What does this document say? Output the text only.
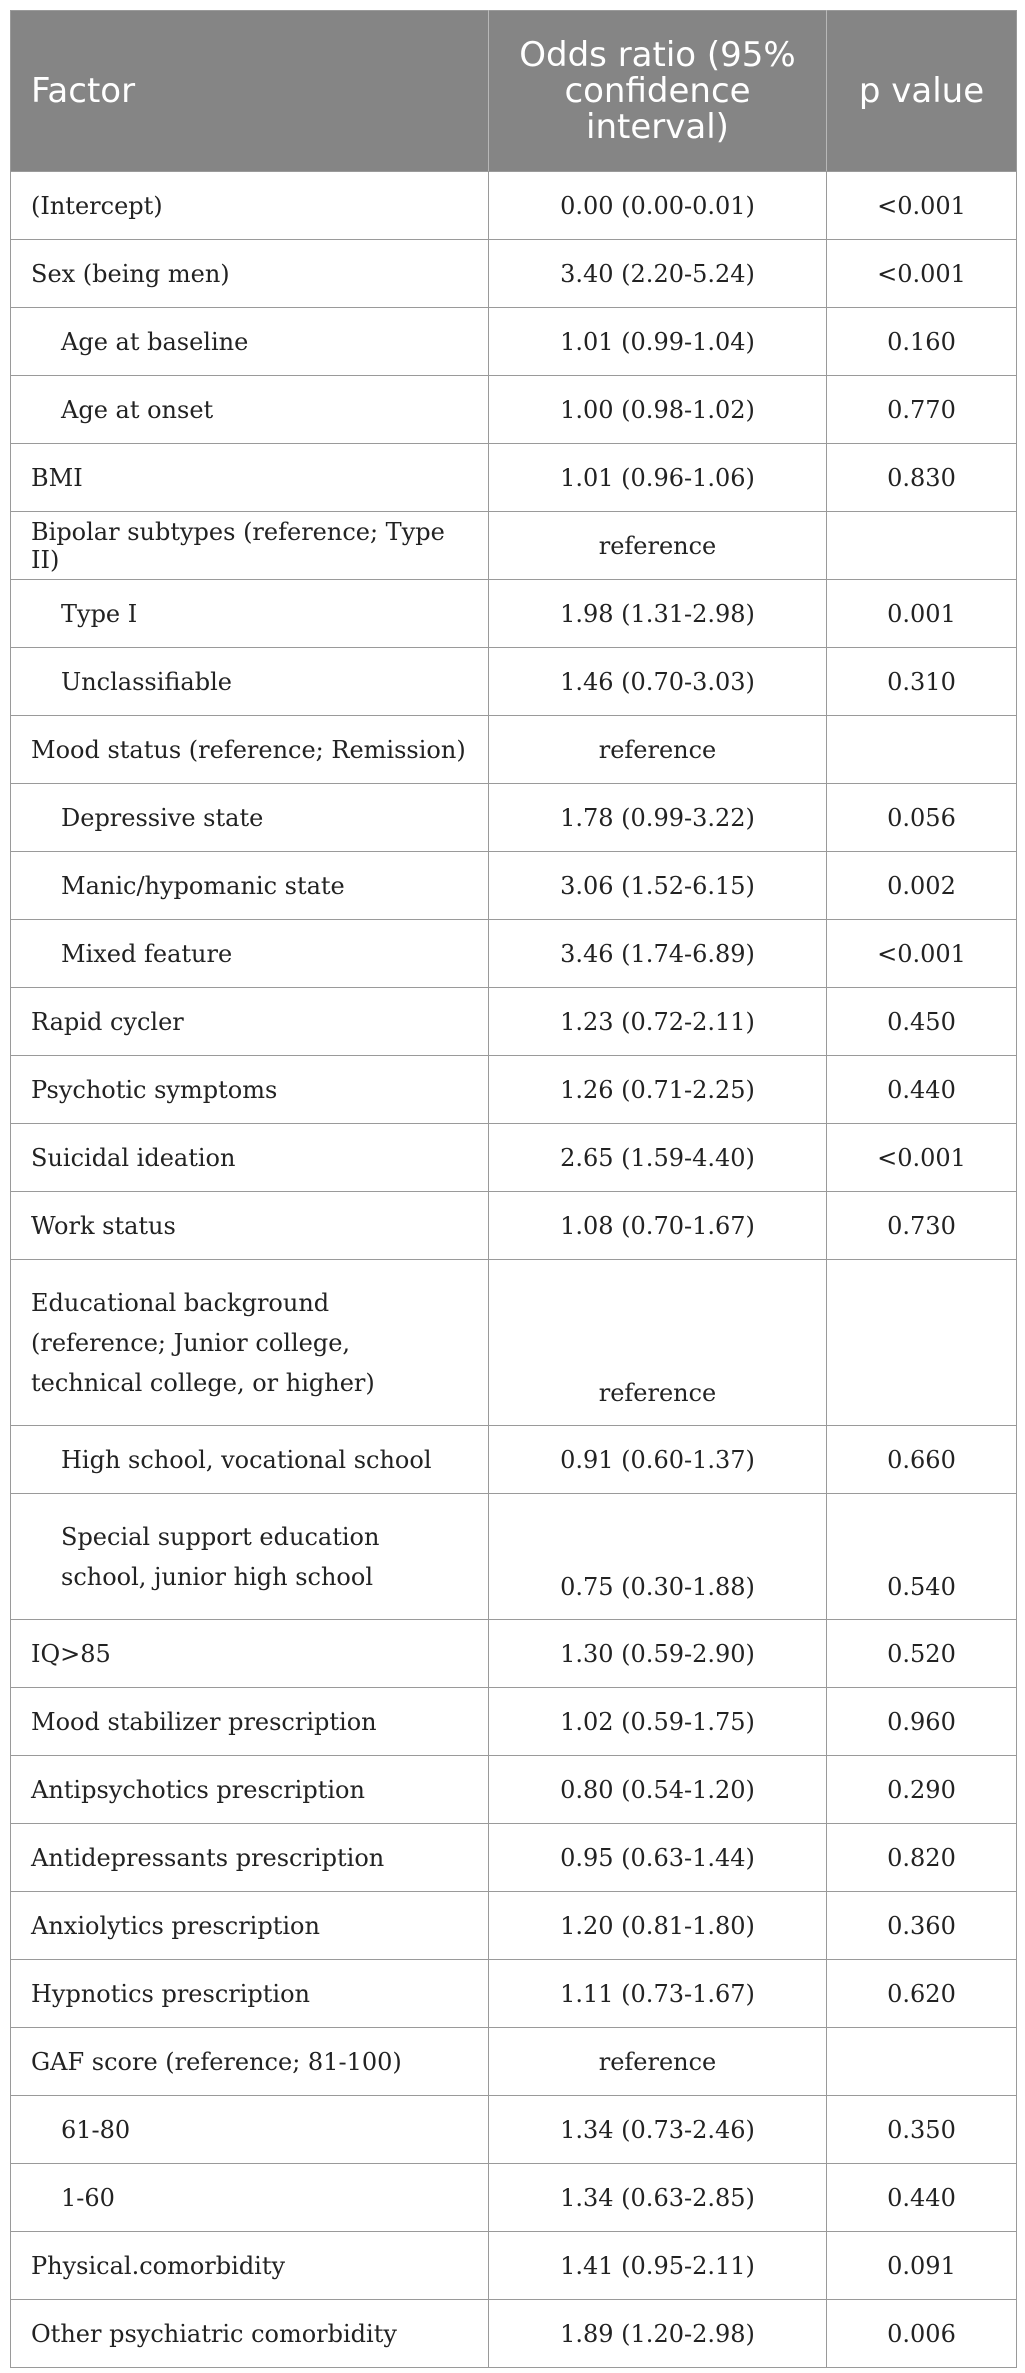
Factor	Odds ratio (95% confidence interval)	p value
(Intercept)	0.00 (0.00-0.01)	<0.001
Sex (being men)	3.40 (2.20-5.24)	<0.001
Age at baseline	1.01 (0.99-1.04)	0.160
Age at onset	1.00 (0.98-1.02)	0.770
BMI	1.01 (0.96-1.06)	0.830
Bipolar subtypes (reference; Type II)	reference	
Type I	1.98 (1.31-2.98)	0.001
Unclassifiable	1.46 (0.70-3.03)	0.310
Mood status (reference; Remission)	reference	
Depressive state	1.78 (0.99-3.22)	0.056
Manic/hypomanic state	3.06 (1.52-6.15)	0.002
Mixed feature	3.46 (1.74-6.89)	<0.001
Rapid cycler	1.23 (0.72-2.11)	0.450
Psychotic symptoms	1.26 (0.71-2.25)	0.440
Suicidal ideation	2.65 (1.59-4.40)	<0.001
Work status	1.08 (0.70-1.67)	0.730
Educational background (reference; Junior college, technical college, or higher)	reference	
High school, vocational school	0.91 (0.60-1.37)	0.660
Special support education school, junior high school	0.75 (0.30-1.88)	0.540
IQ>85	1.30 (0.59-2.90)	0.520
Mood stabilizer prescription	1.02 (0.59-1.75)	0.960
Antipsychotics prescription	0.80 (0.54-1.20)	0.290
Antidepressants prescription	0.95 (0.63-1.44)	0.820
Anxiolytics prescription	1.20 (0.81-1.80)	0.360
Hypnotics prescription	1.11 (0.73-1.67)	0.620
GAF score (reference; 81-100)	reference	
61-80	1.34 (0.73-2.46)	0.350
1-60	1.34 (0.63-2.85)	0.440
Physical.comorbidity	1.41 (0.95-2.11)	0.091
Other psychiatric comorbidity	1.89 (1.20-2.98)	0.006
